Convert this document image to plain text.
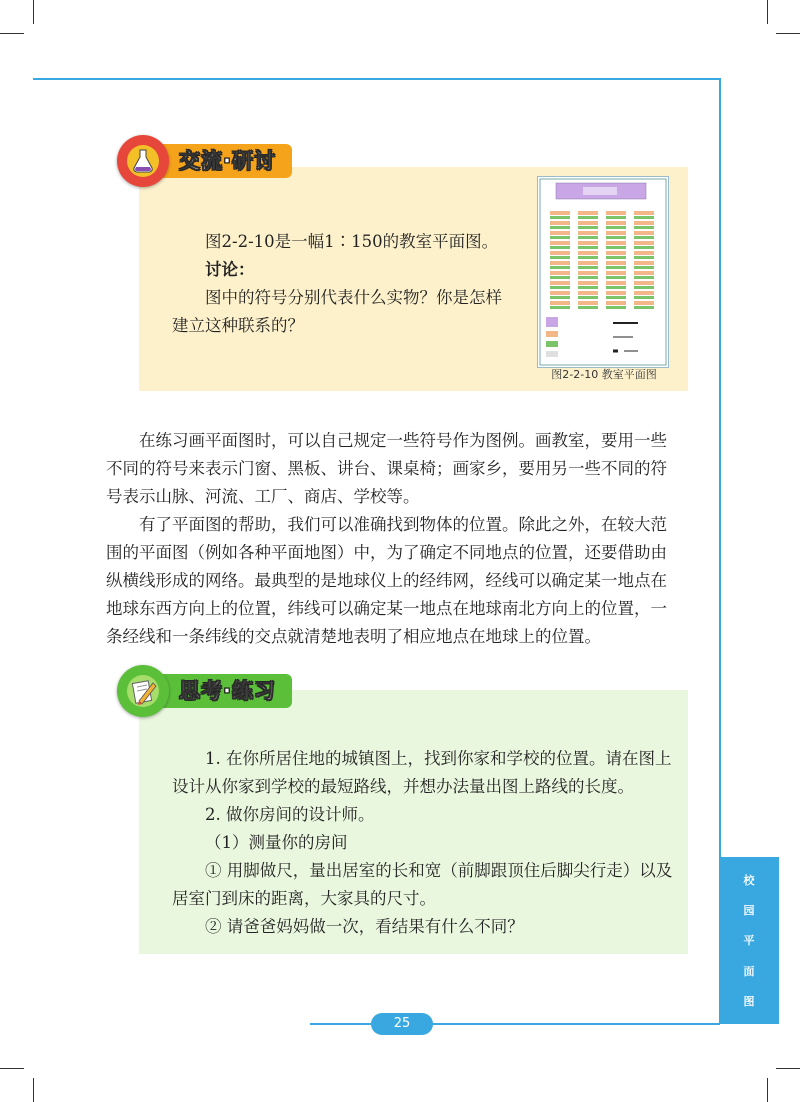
交流·研讨
图2-2-10是一幅1∶150的教室平面图。
讨论：
图中的符号分别代表什么实物？你是怎样
建立这种联系的？
图2-2-10 教室平面图
在练习画平面图时，可以自己规定一些符号作为图例。画教室，要用一些
不同的符号来表示门窗、黑板、讲台、课桌椅；画家乡，要用另一些不同的符
号表示山脉、河流、工厂、商店、学校等。
有了平面图的帮助，我们可以准确找到物体的位置。除此之外，在较大范
围的平面图（例如各种平面地图）中，为了确定不同地点的位置，还要借助由
纵横线形成的网络。最典型的是地球仪上的经纬网，经线可以确定某一地点在
地球东西方向上的位置，纬线可以确定某一地点在地球南北方向上的位置，一
条经线和一条纬线的交点就清楚地表明了相应地点在地球上的位置。
思考·练习
1. 在你所居住地的城镇图上，找到你家和学校的位置。请在图上
设计从你家到学校的最短路线，并想办法量出图上路线的长度。
2. 做你房间的设计师。
（1）测量你的房间
① 用脚做尺，量出居室的长和宽（前脚跟顶住后脚尖行走）以及
居室门到床的距离，大家具的尺寸。
② 请爸爸妈妈做一次，看结果有什么不同？
校
园
平
面
图
25
